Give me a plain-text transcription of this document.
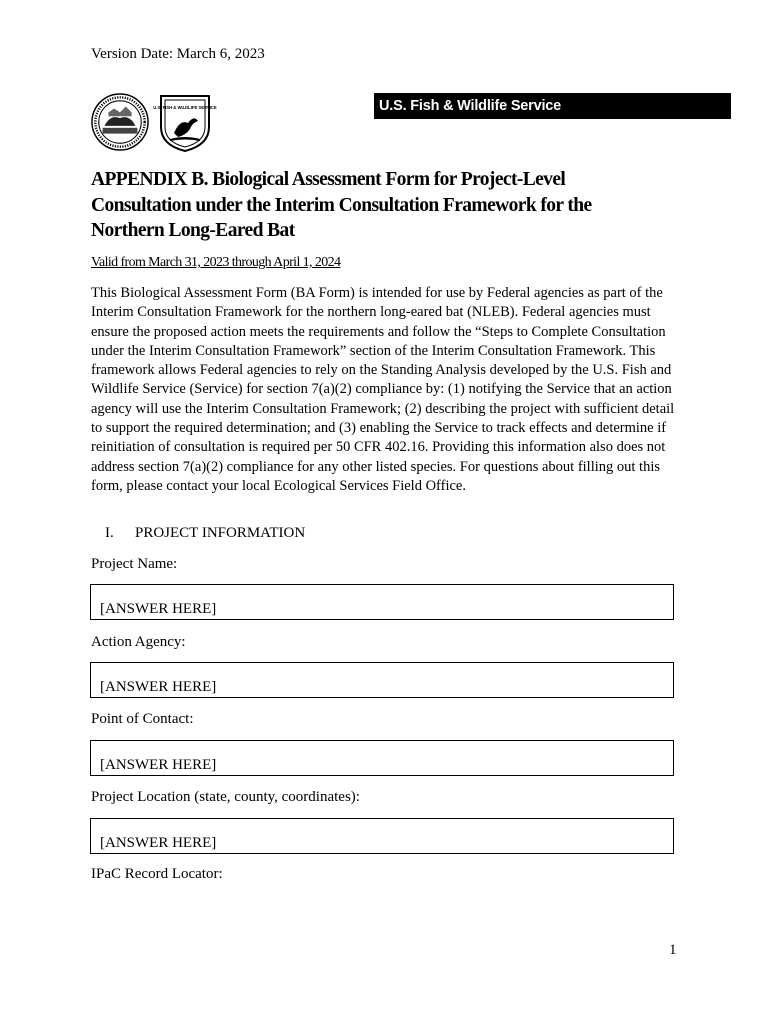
Version Date: March 6, 2023
U.S. FISH & WILDLIFE SERVICE	U.S. Fish & Wildlife Service
APPENDIX B. Biological Assessment Form for Project-Level
Consultation under the Interim Consultation Framework for the
Northern Long-Eared Bat
Valid from March 31, 2023 through April 1, 2024
This Biological Assessment Form (BA Form) is intended for use by Federal agencies as part of the Interim Consultation Framework for the northern long-eared bat (NLEB). Federal agencies must ensure the proposed action meets the requirements and follow the “Steps to Complete Consultation under the Interim Consultation Framework” section of the Interim Consultation Framework. This framework allows Federal agencies to rely on the Standing Analysis developed by the U.S. Fish and Wildlife Service (Service) for section 7(a)(2) compliance by: (1) notifying the Service that an action agency will use the Interim Consultation Framework; (2) describing the project with sufficient detail to support the required determination; and (3) enabling the Service to track effects and determine if reinitiation of consultation is required per 50 CFR 402.16. Providing this information also does not address section 7(a)(2) compliance for any other listed species. For questions about filling out this form, please contact your local Ecological Services Field Office.
I. PROJECT INFORMATION
Project Name:
[ANSWER HERE]
Action Agency:
[ANSWER HERE]
Point of Contact:
[ANSWER HERE]
Project Location (state, county, coordinates):
[ANSWER HERE]
IPaC Record Locator:
1
